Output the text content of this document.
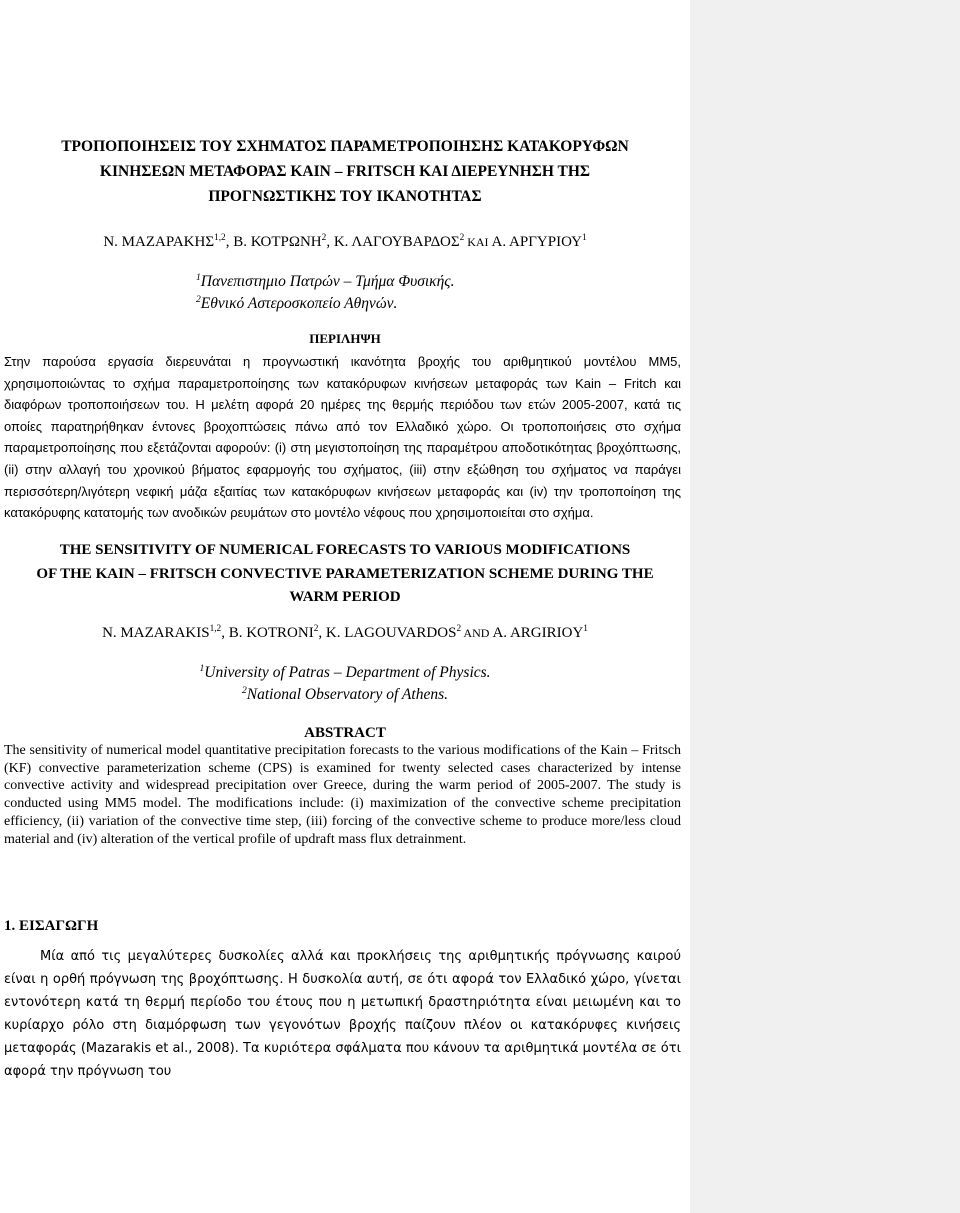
ΤΡΟΠΟΠΟΙΗΣΕΙΣ ΤΟΥ ΣΧΗΜΑΤΟΣ ΠΑΡΑΜΕΤΡΟΠΟΙΗΣΗΣ ΚΑΤΑΚΟΡΥΦΩΝ
ΚΙΝΗΣΕΩΝ ΜΕΤΑΦΟΡΑΣ KAIN – FRITSCH ΚΑΙ ΔΙΕΡΕΥΝΗΣΗ ΤΗΣ
ΠΡΟΓΝΩΣΤΙΚΗΣ ΤΟΥ ΙΚΑΝΟΤΗΤΑΣ
Ν. ΜΑΖΑΡΑΚΗΣ$^{1,2}$, Β. ΚΟΤΡΩΝΗ$^2$, Κ. ΛΑΓΟΥΒΑΡΔΟΣ$^2$ ΚΑΙ Α. ΑΡΓΥΡΙΟΥ$^1$
$^1$Πανεπιστημιο Πατρών – Τμήμα Φυσικής.
$^2$Εθνικό Αστεροσκοπείο Αθηνών.
ΠΕΡΙΛΗΨΗ
Στην παρούσα εργασία διερευνάται η προγνωστική ικανότητα βροχής του αριθμητικού μοντέλου MM5, χρησιμοποιώντας το σχήμα παραμετροποίησης των κατακόρυφων κινήσεων μεταφοράς των Kain – Fritch και διαφόρων τροποποιήσεων του. Η μελέτη αφορά 20 ημέρες της θερμής περιόδου των ετών 2005-2007, κατά τις οποίες παρατηρήθηκαν έντονες βροχοπτώσεις πάνω από τον Ελλαδικό χώρο. Οι τροποποιήσεις στο σχήμα παραμετροποίησης που εξετάζονται αφορούν: (i) στη μεγιστοποίηση της παραμέτρου αποδοτικότητας βροχόπτωσης, (ii) στην αλλαγή του χρονικού βήματος εφαρμογής του σχήματος, (iii) στην εξώθηση του σχήματος να παράγει περισσότερη/λιγότερη νεφική μάζα εξαιτίας των κατακόρυφων κινήσεων μεταφοράς και (iv) την τροποποίηση της κατακόρυφης κατατομής των ανοδικών ρευμάτων στο μοντέλο νέφους που χρησιμοποιείται στο σχήμα.
THE SENSITIVITY OF NUMERICAL FORECASTS TO VARIOUS MODIFICATIONS
OF THE KAIN – FRITSCH CONVECTIVE PARAMETERIZATION SCHEME DURING THE
WARM PERIOD
N. MAZARAKIS$^{1,2}$, B. KOTRONI$^2$, K. LAGOUVARDOS$^2$ AND A. ARGIRIOY$^1$
$^1$University of Patras – Department of Physics.
$^2$National Observatory of Athens.
ABSTRACT
The sensitivity of numerical model quantitative precipitation forecasts to the various modifications of the Kain – Fritsch (KF) convective parameterization scheme (CPS) is examined for twenty selected cases characterized by intense convective activity and widespread precipitation over Greece, during the warm period of 2005-2007. The study is conducted using MM5 model. The modifications include: (i) maximization of the convective scheme precipitation efficiency, (ii) variation of the convective time step, (iii) forcing of the convective scheme to produce more/less cloud material and (iv) alteration of the vertical profile of updraft mass flux detrainment.
1. ΕΙΣΑΓΩΓΗ
Μία από τις μεγαλύτερες δυσκολίες αλλά και προκλήσεις της αριθμητικής πρόγνωσης καιρού είναι η ορθή πρόγνωση της βροχόπτωσης. Η δυσκολία αυτή, σε ότι αφορά τον Ελλαδικό χώρο, γίνεται εντονότερη κατά τη θερμή περίοδο του έτους που η μετωπική δραστηριότητα είναι μειωμένη και το κυρίαρχο ρόλο στη διαμόρφωση των γεγονότων βροχής παίζουν πλέον οι κατακόρυφες κινήσεις μεταφοράς (Mazarakis et al., 2008). Τα κυριότερα σφάλματα που κάνουν τα αριθμητικά μοντέλα σε ότι αφορά την πρόγνωση του
